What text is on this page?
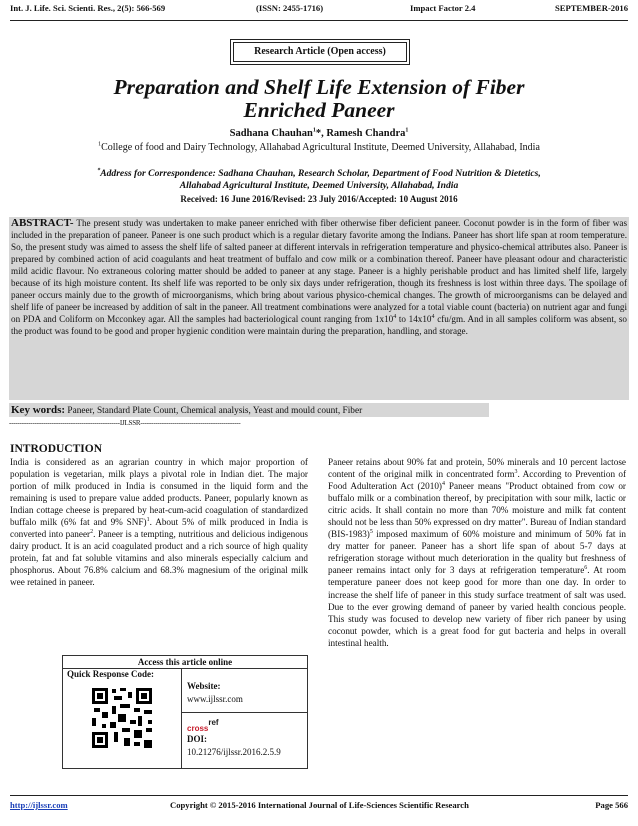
Int. J. Life. Sci. Scienti. Res., 2(5): 566-569	(ISSN: 2455-1716)	Impact Factor 2.4	SEPTEMBER-2016
Research Article (Open access)
Preparation and Shelf Life Extension of Fiber
Enriched Paneer
Sadhana Chauhan$^1$*, Ramesh Chandra$^1$
$^1$College of food and Dairy Technology, Allahabad Agricultural Institute, Deemed University, Allahabad, India
*Address for Correspondence: Sadhana Chauhan, Research Scholar, Department of Food Nutrition & Dietetics,
Allahabad Agricultural Institute, Deemed University, Allahabad, India
Received: 16 June 2016/Revised: 23 July 2016/Accepted: 10 August 2016
ABSTRACT- The present study was undertaken to make paneer enriched with fiber otherwise fiber deficient paneer. Coconut powder is in the form of fiber was included in the preparation of paneer. Paneer is one such product which is a regular dietary favorite among the Indians. Paneer has short life span at room temperature. So, the present study was aimed to assess the shelf life of salted paneer at different intervals in refrigeration temperature and physico-chemical attributes also. Paneer is prepared by combined action of acid coagulants and heat treatment of buffalo and cow milk or a combination thereof. Paneer have pleasant odour and characteristic mild acidic flavour. No extraneous coloring matter should be added to paneer at any stage. Paneer is a highly perishable product and has limited shelf life, largely because of its high moisture content. Its shelf life was reported to be only six days under refrigeration, though its freshness is lost within three days. The spoilage of paneer occurs mainly due to the growth of microorganisms, which bring about various physico-chemical changes. The growth of microorganisms can be delayed and shelf life of paneer be increased by addition of salt in the paneer. All treatment combinations were analyzed for a total viable count (bacteria) on nutrient agar and fungi on PDA and Coliform on Mcconkey agar. All the samples had bacteriological count ranging from $1x10^4$ to $14x10^4$ cfu/gm. And in all samples coliform was absent, so the product was found to be good and proper hygienic condition were maintain during the preparation, handling, and storage.
Key words: Paneer, Standard Plate Count, Chemical analysis, Yeast and mould count, Fiber
----------------------------------------------------IJLSSR-----------------------------------------------
INTRODUCTION
India is considered as an agrarian country in which major proportion of population is vegetarian, milk plays a pivotal role in Indian diet. The major portion of milk produced in India is consumed in the liquid form and the remaining is used to prepare value added products. Paneer, popularly known as Indian cottage cheese is prepared by heat-cum-acid coagulation of standardized buffalo milk (6% fat and 9% SNF)$^1$. About 5% of milk produced in India is converted into paneer$^2$. Paneer is a tempting, nutritious and delicious indigenous dairy product. It is an acid coagulated product and a rich source of high quality protein, fat and fat soluble vitamins and also minerals especially calcium and phosphorus. About 76.8% calcium and 68.3% magnesium of the original milk wee retained in paneer.
Paneer retains about 90% fat and protein, 50% minerals and 10 percent lactose content of the original milk in concentrated form$^3$. According to Prevention of Food Adulteration Act $(2010)^4$ Paneer means "Product obtained from cow or buffalo milk or a combination thereof, by precipitation with sour milk, lactic or citric acids. It shall contain no more than 70% moisture and milk fat content should not be less than 50% expressed on dry matter". Bureau of Indian standard $(BIS-1983)^5$ imposed maximum of 60% moisture and minimum of 50% fat in dry matter for paneer. Paneer has a short life span of about 5-7 days at refrigeration storage without much deterioration in the quality but freshness of paneer remains intact only for 3 days at refrigeration temperature$^6$. At room temperature paneer does not keep good for more than one day. In order to increase the shelf life of paneer in this study surface treatment of salt was used. Due to the ever growing demand of paneer by varied health concious people. This study was focused to develop new variety of fiber rich paneer by using coconut powder, which is a great food for gut bacteria and helps in overall intestinal health.
Access this article online
Quick Response Code:
Website:
www.ijlssr.com
$_{cross}^{ref}$
DOI:
10.21276/ijlssr.2016.2.5.9
http://ijlssr.com	Copyright © 2015-2016 International Journal of Life-Sciences Scientific Research	Page 566
